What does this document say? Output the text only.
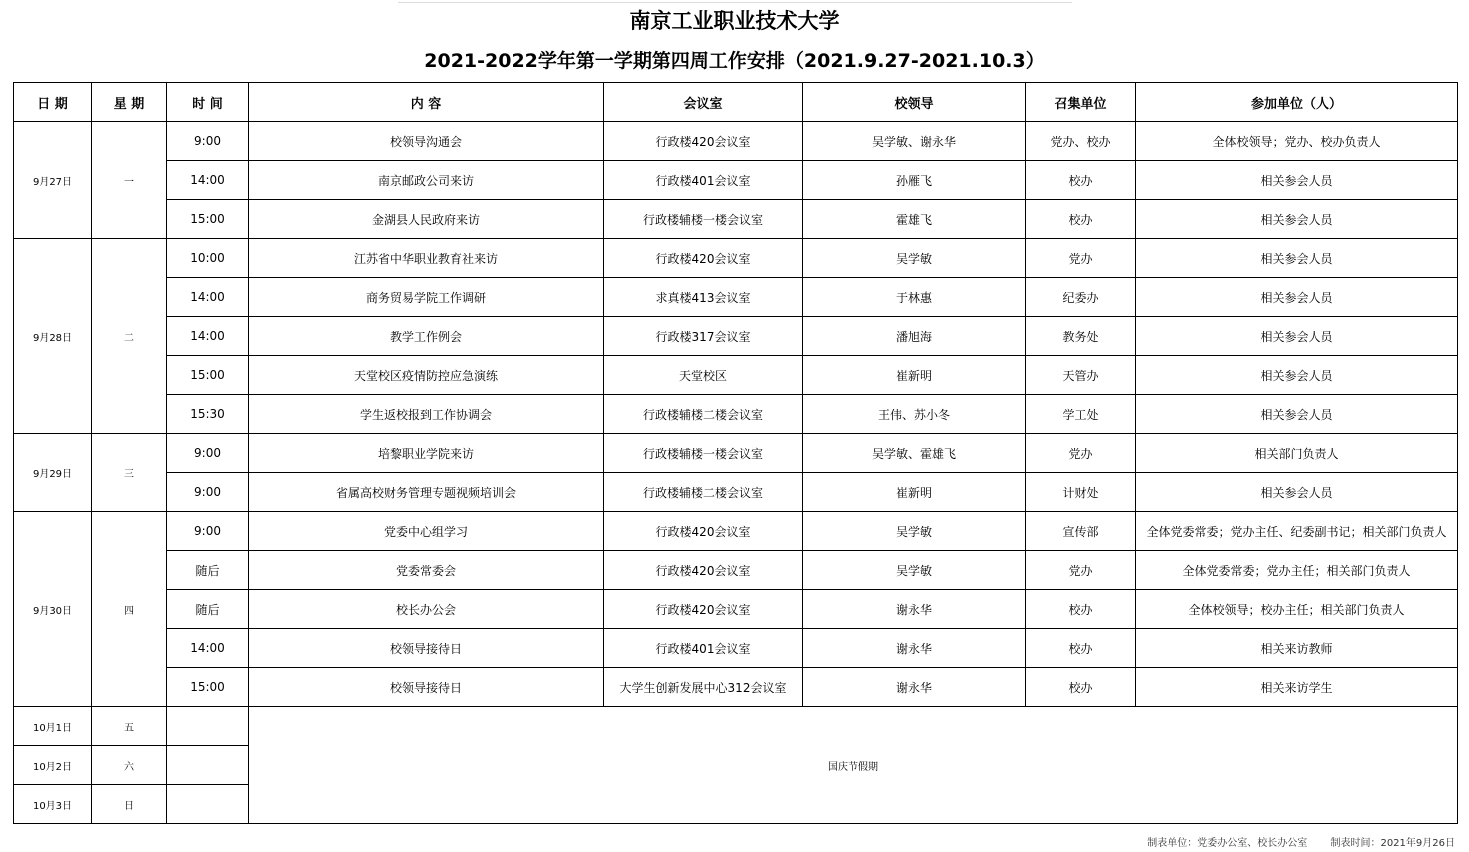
南京工业职业技术大学
2021-2022学年第一学期第四周工作安排（2021.9.27-2021.10.3）
日 期	星 期	时 间	内 容	会议室	校领导	召集单位	参加单位（人）
9月27日	一	9:00	校领导沟通会	行政楼420会议室	吴学敏、谢永华	党办、校办	全体校领导；党办、校办负责人
		14:00	南京邮政公司来访	行政楼401会议室	孙雁飞	校办	相关参会人员
		15:00	金湖县人民政府来访	行政楼辅楼一楼会议室	霍雄飞	校办	相关参会人员
9月28日	二	10:00	江苏省中华职业教育社来访	行政楼420会议室	吴学敏	党办	相关参会人员
		14:00	商务贸易学院工作调研	求真楼413会议室	于林惠	纪委办	相关参会人员
		14:00	教学工作例会	行政楼317会议室	潘旭海	教务处	相关参会人员
		15:00	天堂校区疫情防控应急演练	天堂校区	崔新明	天管办	相关参会人员
		15:30	学生返校报到工作协调会	行政楼辅楼二楼会议室	王伟、苏小冬	学工处	相关参会人员
9月29日	三	9:00	培黎职业学院来访	行政楼辅楼一楼会议室	吴学敏、霍雄飞	党办	相关部门负责人
		9:00	省属高校财务管理专题视频培训会	行政楼辅楼二楼会议室	崔新明	计财处	相关参会人员
9月30日	四	9:00	党委中心组学习	行政楼420会议室	吴学敏	宣传部	全体党委常委；党办主任、纪委副书记；相关部门负责人
		随后	党委常委会	行政楼420会议室	吴学敏	党办	全体党委常委；党办主任；相关部门负责人
		随后	校长办公会	行政楼420会议室	谢永华	校办	全体校领导；校办主任；相关部门负责人
		14:00	校领导接待日	行政楼401会议室	谢永华	校办	相关来访教师
		15:00	校领导接待日	大学生创新发展中心312会议室	谢永华	校办	相关来访学生
10月1日	五		国庆节假期				
10月2日	六						
10月3日	日						
制表单位：党委办公室、校长办公室 制表时间：2021年9月26日
